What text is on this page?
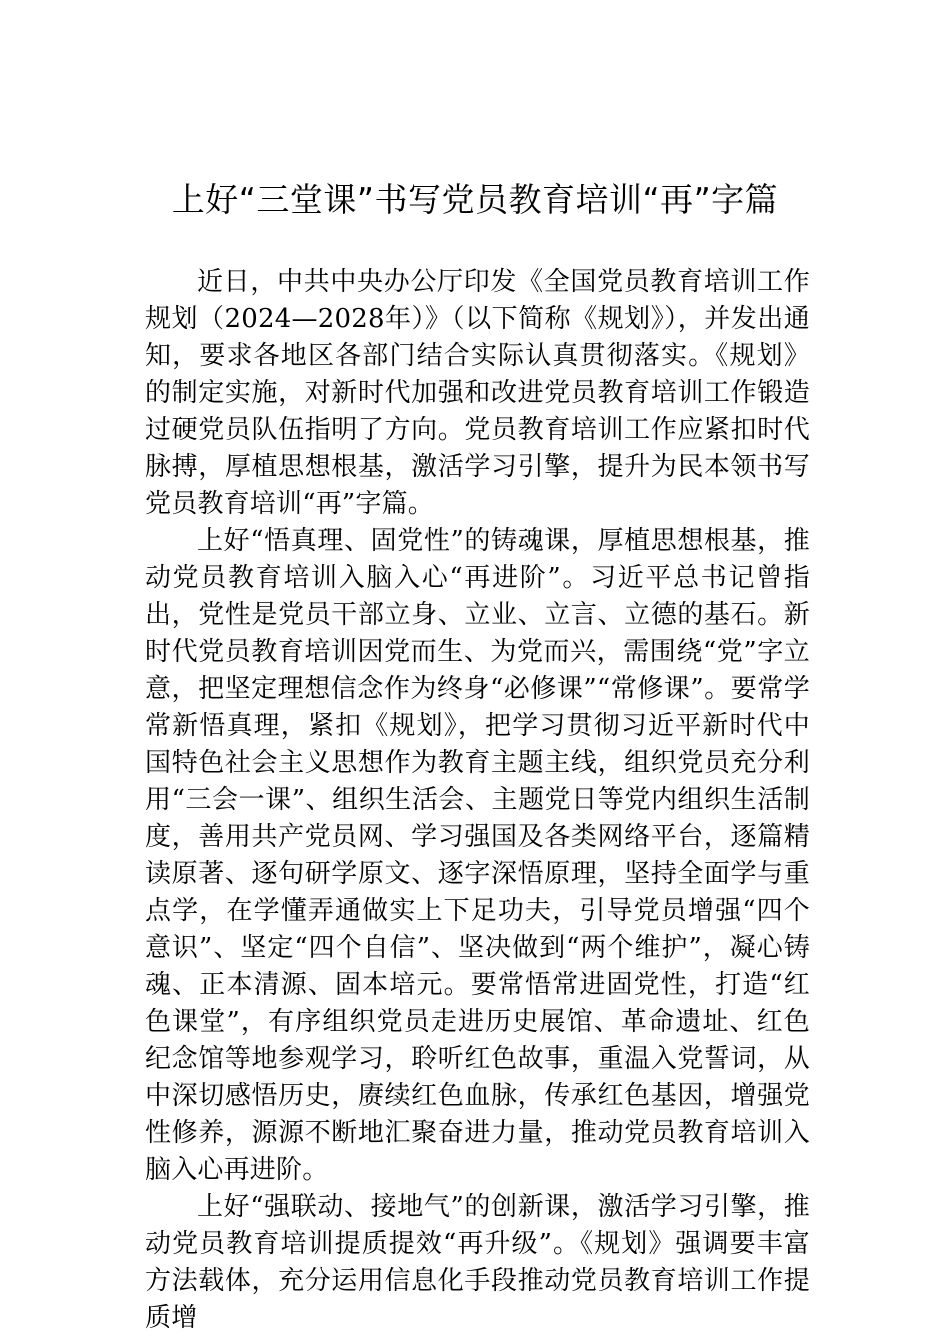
上好“三堂课”书写党员教育培训“再”字篇

近日，中共中央办公厅印发《全国党员教育培训工作规划（2024—2028年）》（以下简称《规划》），并发出通知，要求各地区各部门结合实际认真贯彻落实。《规划》的制定实施，对新时代加强和改进党员教育培训工作锻造过硬党员队伍指明了方向。党员教育培训工作应紧扣时代脉搏，厚植思想根基，激活学习引擎，提升为民本领书写党员教育培训“再”字篇。

上好“悟真理、固党性”的铸魂课，厚植思想根基，推动党员教育培训入脑入心“再进阶”。习近平总书记曾指出，党性是党员干部立身、立业、立言、立德的基石。新时代党员教育培训因党而生、为党而兴，需围绕“党”字立意，把坚定理想信念作为终身“必修课”“常修课”。要常学常新悟真理，紧扣《规划》，把学习贯彻习近平新时代中国特色社会主义思想作为教育主题主线，组织党员充分利用“三会一课”、组织生活会、主题党日等党内组织生活制度，善用共产党员网、学习强国及各类网络平台，逐篇精读原著、逐句研学原文、逐字深悟原理，坚持全面学与重点学，在学懂弄通做实上下足功夫，引导党员增强“四个意识”、坚定“四个自信”、坚决做到“两个维护”，凝心铸魂、正本清源、固本培元。要常悟常进固党性，打造“红色课堂”，有序组织党员走进历史展馆、革命遗址、红色纪念馆等地参观学习，聆听红色故事，重温入党誓词，从中深切感悟历史，赓续红色血脉，传承红色基因，增强党性修养，源源不断地汇聚奋进力量，推动党员教育培训入脑入心再进阶。

上好“强联动、接地气”的创新课，激活学习引擎，推动党员教育培训提质提效“再升级”。《规划》强调要丰富方法载体，充分运用信息化手段推动党员教育培训工作提质增
